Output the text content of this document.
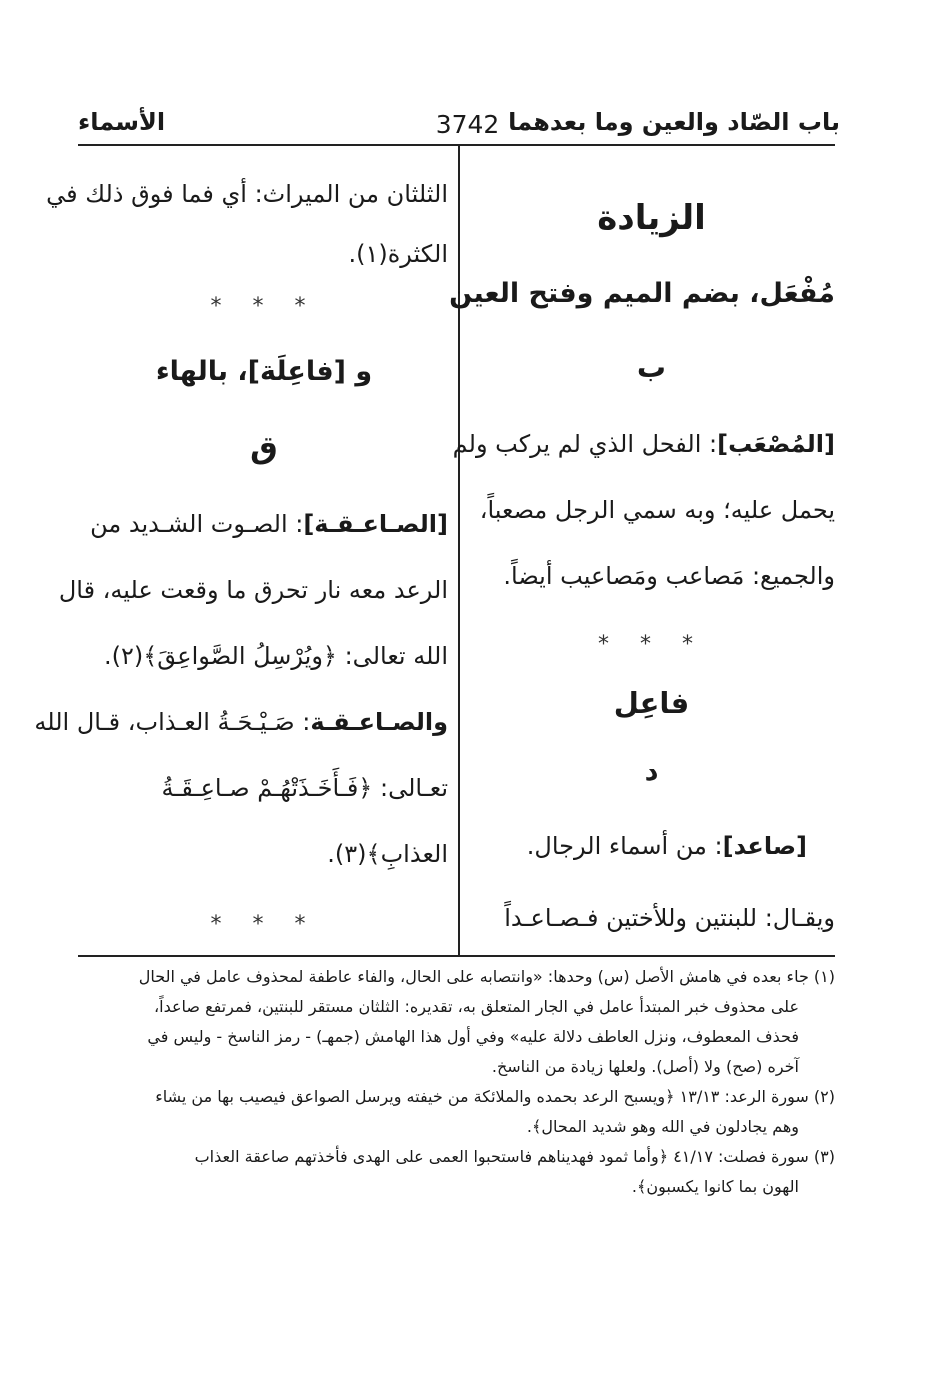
باب الصّاد والعين وما بعدهما
3742
الأسماء
الزيادة
مُفْعَل، بضم الميم وفتح العين
ب
[المُصْعَب]: الفحل الذي لم يركب ولم
يحمل عليه؛ وبه سمي الرجل مصعباً،
والجميع: مَصاعب ومَصاعيب أيضاً.
* * *
فاعِل
د
[صاعد]: من أسماء الرجال.
ويقـال: للبنتين وللأختين فـصـاعـداً
الثلثان من الميراث: أي فما فوق ذلك في
الكثرة(١).
* * *
و [فاعِلَة]، بالهاء
ق
[الصـاعـقـة]: الصـوت الشـديد من
الرعد معه نار تحرق ما وقعت عليه، قال
الله تعالى: ﴿ويُرْسِلُ الصَّواعِقَ﴾(٢).
والصـاعـقـة: صَـيْـحَـةُ العـذاب، قـال الله
تعـالى: ﴿فَـأَخَـذَتْهُـمْ صـاعِـقَـةُ
العذابِ﴾(٣).
* * *

(١) جاء بعده في هامش الأصل (س) وحدها: «وانتصابه على الحال، والفاء عاطفة لمحذوف عامل في الحال

على محذوف خبر المبتدأ عامل في الجار المتعلق به، تقديره: الثلثان مستقر للبنتين، فمرتفع صاعداً،

فحذف المعطوف، ونزل العاطف دلالة عليه» وفي أول هذا الهامش (جمهـ) - رمز الناسخ - وليس في

آخره (صح) ولا (أصل). ولعلها زيادة من الناسخ.

(٢) سورة الرعد: ١٣/١٣ ﴿ويسبح الرعد بحمده والملائكة من خيفته ويرسل الصواعق فيصيب بها من يشاء

وهم يجادلون في الله وهو شديد المحال﴾.

(٣) سورة فصلت: ٤١/١٧ ﴿وأما ثمود فهديناهم فاستحبوا العمى على الهدى فأخذتهم صاعقة العذاب

الهون بما كانوا يكسبون﴾.
